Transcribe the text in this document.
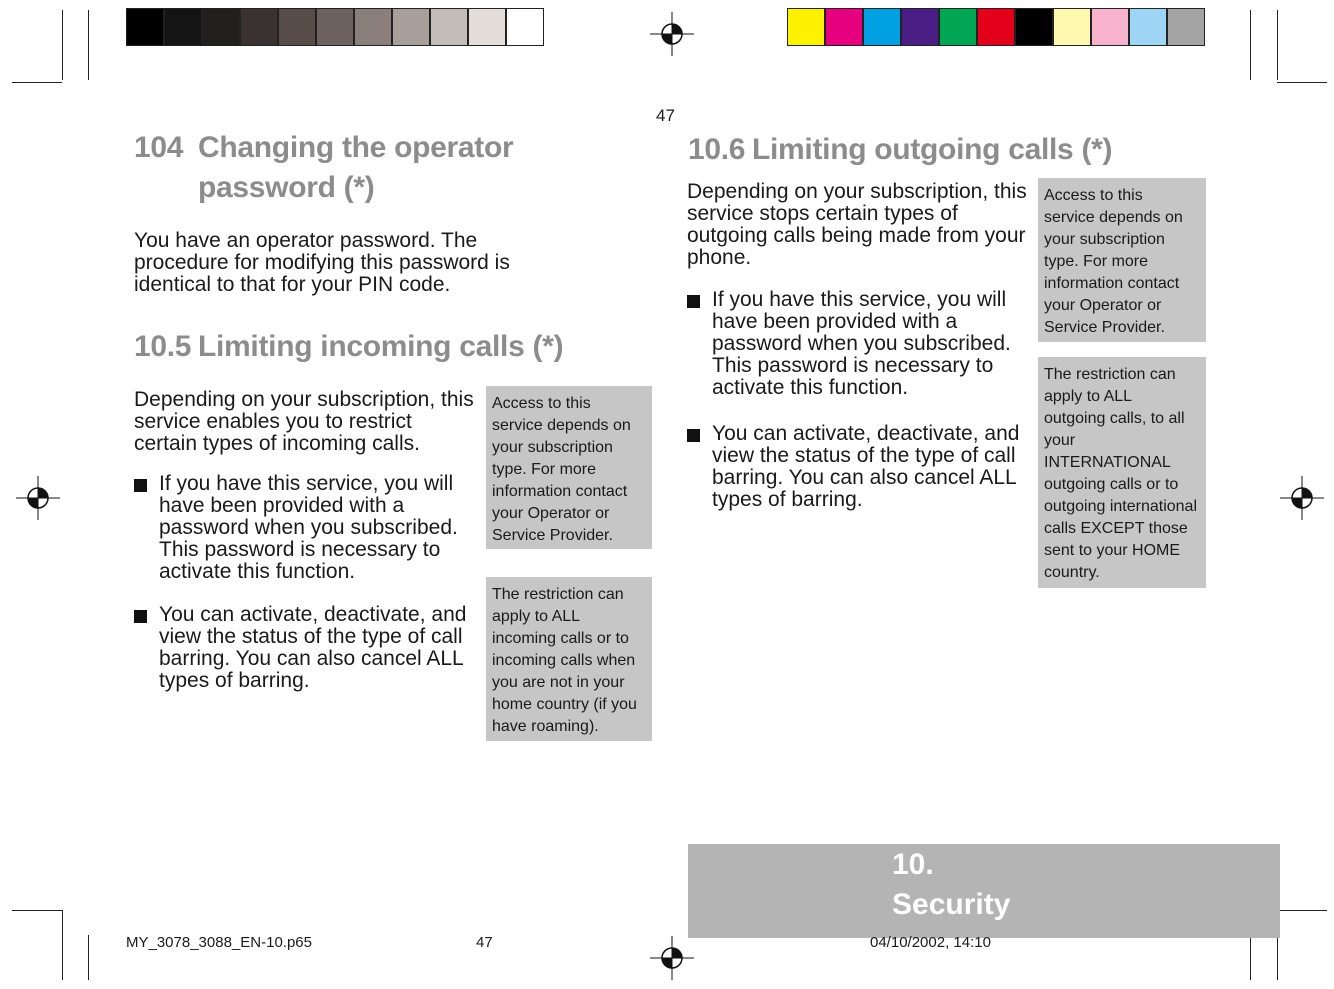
47
104 Changing the operator
password (*)
You have an operator password. The
procedure for modifying this password is
identical to that for your PIN code.
10.5 Limiting incoming calls (*)
Depending on your subscription, this
service enables you to restrict
certain types of incoming calls.
If you have this service, you will
have been provided with a
password when you subscribed.
This password is necessary to
activate this function.
You can activate, deactivate, and
view the status of the type of call
barring. You can also cancel ALL
types of barring.
Access to this
service depends on
your subscription
type. For more
information contact
your Operator or
Service Provider.
The restriction can
apply to ALL
incoming calls or to
incoming calls when
you are not in your
home country (if you
have roaming).
10.6 Limiting outgoing calls (*)
Depending on your subscription, this
service stops certain types of
outgoing calls being made from your
phone.
If you have this service, you will
have been provided with a
password when you subscribed.
This password is necessary to
activate this function.
You can activate, deactivate, and
view the status of the type of call
barring. You can also cancel ALL
types of barring.
Access to this
service depends on
your subscription
type. For more
information contact
your Operator or
Service Provider.
The restriction can
apply to ALL
outgoing calls, to all
your
INTERNATIONAL
outgoing calls or to
outgoing international
calls EXCEPT those
sent to your HOME
country.
10. Security
MY_3078_3088_EN-10.p65	47	04/10/2002, 14:10
